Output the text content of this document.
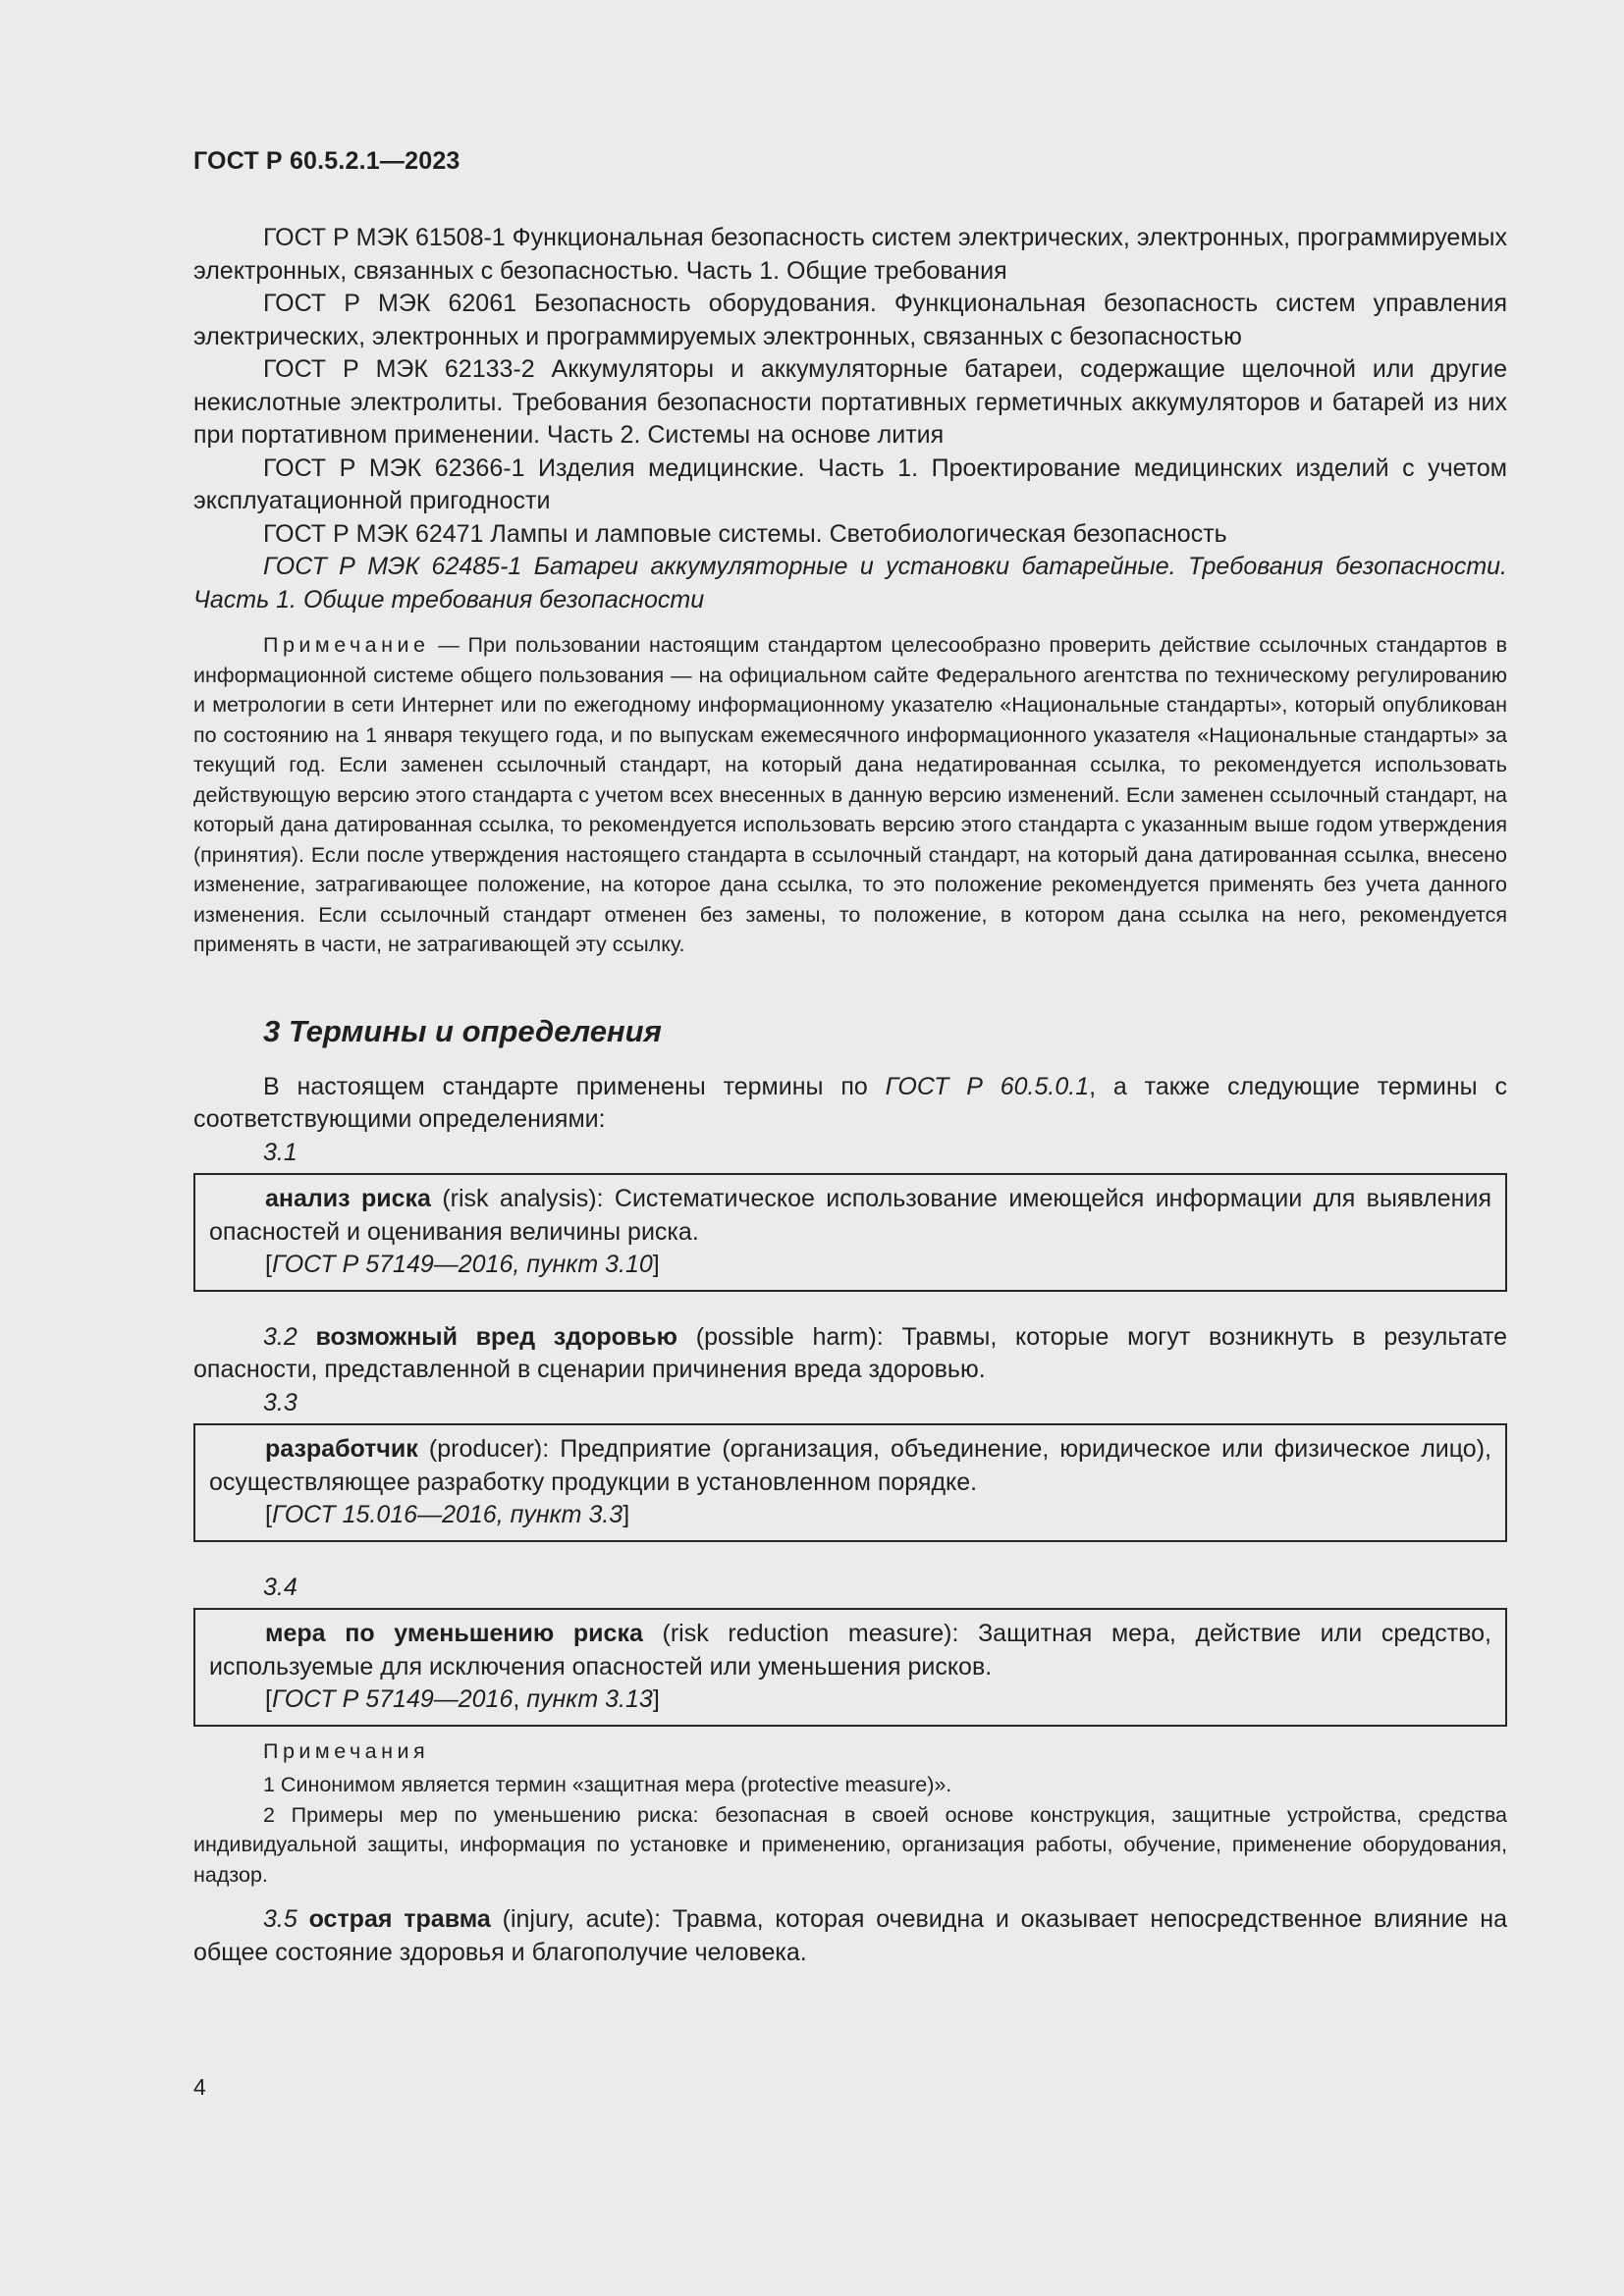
ГОСТ Р 60.5.2.1—2023

ГОСТ Р МЭК 61508-1 Функциональная безопасность систем электрических, электронных, программируемых электронных, связанных с безопасностью. Часть 1. Общие требования

ГОСТ Р МЭК 62061 Безопасность оборудования. Функциональная безопасность систем управления электрических, электронных и программируемых электронных, связанных с безопасностью

ГОСТ Р МЭК 62133-2 Аккумуляторы и аккумуляторные батареи, содержащие щелочной или другие некислотные электролиты. Требования безопасности портативных герметичных аккумуляторов и батарей из них при портативном применении. Часть 2. Системы на основе лития

ГОСТ Р МЭК 62366-1 Изделия медицинские. Часть 1. Проектирование медицинских изделий с учетом эксплуатационной пригодности

ГОСТ Р МЭК 62471 Лампы и ламповые системы. Светобиологическая безопасность

ГОСТ Р МЭК 62485-1 Батареи аккумуляторные и установки батарейные. Требования безопасности. Часть 1. Общие требования безопасности

Примечание — При пользовании настоящим стандартом целесообразно проверить действие ссылочных стандартов в информационной системе общего пользования — на официальном сайте Федерального агентства по техническому регулированию и метрологии в сети Интернет или по ежегодному информационному указателю «Национальные стандарты», который опубликован по состоянию на 1 января текущего года, и по выпускам ежемесячного информационного указателя «Национальные стандарты» за текущий год. Если заменен ссылочный стандарт, на который дана недатированная ссылка, то рекомендуется использовать действующую версию этого стандарта с учетом всех внесенных в данную версию изменений. Если заменен ссылочный стандарт, на который дана датированная ссылка, то рекомендуется использовать версию этого стандарта с указанным выше годом утверждения (принятия). Если после утверждения настоящего стандарта в ссылочный стандарт, на который дана датированная ссылка, внесено изменение, затрагивающее положение, на которое дана ссылка, то это положение рекомендуется применять без учета данного изменения. Если ссылочный стандарт отменен без замены, то положение, в котором дана ссылка на него, рекомендуется применять в части, не затрагивающей эту ссылку.

3 Термины и определения

В настоящем стандарте применены термины по ГОСТ Р 60.5.0.1, а также следующие термины с соответствующими определениями:

3.1

анализ риска (risk analysis): Систематическое использование имеющейся информации для выявления опасностей и оценивания величины риска.

[ГОСТ Р 57149—2016, пункт 3.10]

3.2 возможный вред здоровью (possible harm): Травмы, которые могут возникнуть в результате опасности, представленной в сценарии причинения вреда здоровью.

3.3

разработчик (producer): Предприятие (организация, объединение, юридическое или физическое лицо), осуществляющее разработку продукции в установленном порядке.

[ГОСТ 15.016—2016, пункт 3.3]
3.4

мера по уменьшению риска (risk reduction measure): Защитная мера, действие или средство, используемые для исключения опасностей или уменьшения рисков.

[ГОСТ Р 57149—2016, пункт 3.13]
Примечания

1 Синонимом является термин «защитная мера (protective measure)».

2 Примеры мер по уменьшению риска: безопасная в своей основе конструкция, защитные устройства, средства индивидуальной защиты, информация по установке и применению, организация работы, обучение, применение оборудования, надзор.

3.5 острая травма (injury, acute): Травма, которая очевидна и оказывает непосредственное влияние на общее состояние здоровья и благополучие человека.

4
